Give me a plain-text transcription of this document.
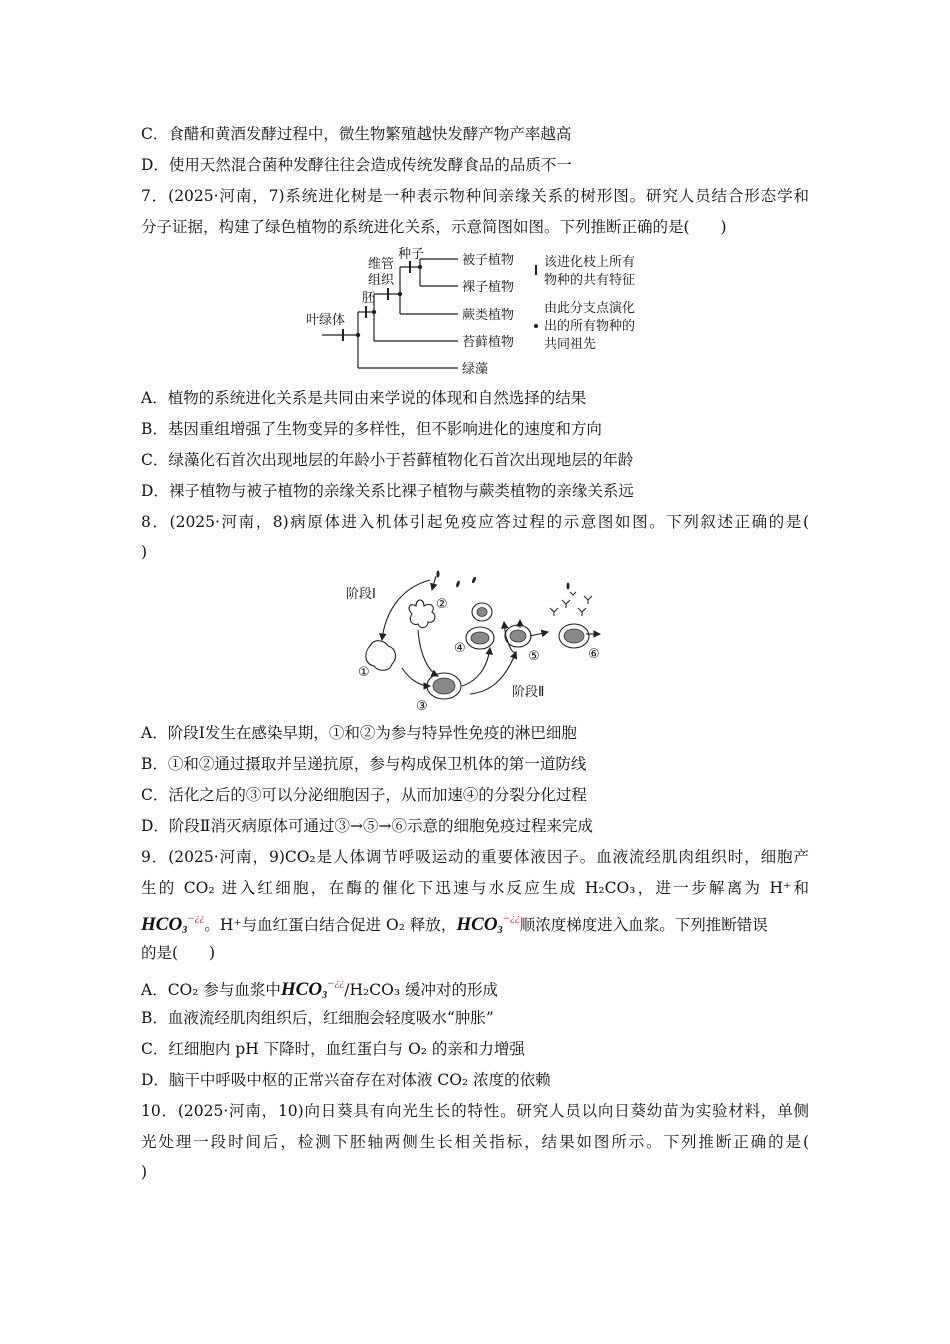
C．食醋和黄酒发酵过程中，微生物繁殖越快发酵产物产率越高
D．使用天然混合菌种发酵往往会造成传统发酵食品的品质不一
7．(2025·河南，7)系统进化树是一种表示物种间亲缘关系的树形图。研究人员结合形态学和
分子证据，构建了绿色植物的系统进化关系，示意简图如图。下列推断正确的是(　　)
种子
维管
组织
胚
叶绿体
被子植物
裸子植物
蕨类植物
苔藓植物
绿藻
该进化枝上所有
物种的共有特征
由此分支点演化
出的所有物种的
共同祖先
A．植物的系统进化关系是共同由来学说的体现和自然选择的结果
B．基因重组增强了生物变异的多样性，但不影响进化的速度和方向
C．绿藻化石首次出现地层的年龄小于苔藓植物化石首次出现地层的年龄
D．裸子植物与被子植物的亲缘关系比裸子植物与蕨类植物的亲缘关系远
8．(2025·河南，8)病原体进入机体引起免疫应答过程的示意图如图。下列叙述正确的是(
)
阶段Ⅰ
阶段Ⅱ
①
②
③
④
⑤	⑥
A．阶段Ⅰ发生在感染早期，①和②为参与特异性免疫的淋巴细胞
B．①和②通过摄取并呈递抗原，参与构成保卫机体的第一道防线
C．活化之后的③可以分泌细胞因子，从而加速④的分裂分化过程
D．阶段Ⅱ消灭病原体可通过③→⑤→⑥示意的细胞免疫过程来完成
9．(2025·河南，9)CO₂是人体调节呼吸运动的重要体液因子。血液流经肌肉组织时，细胞产
生的 CO₂ 进入红细胞，在酶的催化下迅速与水反应生成 H₂CO₃，进一步解离为 H⁺和
$HCO_3^{-¿¿}$。H⁺与血红蛋白结合促进 O₂ 释放，$HCO_3^{-¿¿}$顺浓度梯度进入血浆。下列推断错误
的是(　　)
A．CO₂ 参与血浆中$HCO_3^{-¿¿}$/H₂CO₃ 缓冲对的形成
B．血液流经肌肉组织后，红细胞会轻度吸水“肿胀”
C．红细胞内 pH 下降时，血红蛋白与 O₂ 的亲和力增强
D．脑干中呼吸中枢的正常兴奋存在对体液 CO₂ 浓度的依赖
10．(2025·河南，10)向日葵具有向光生长的特性。研究人员以向日葵幼苗为实验材料，单侧
光处理一段时间后，检测下胚轴两侧生长相关指标，结果如图所示。下列推断正确的是(
)
